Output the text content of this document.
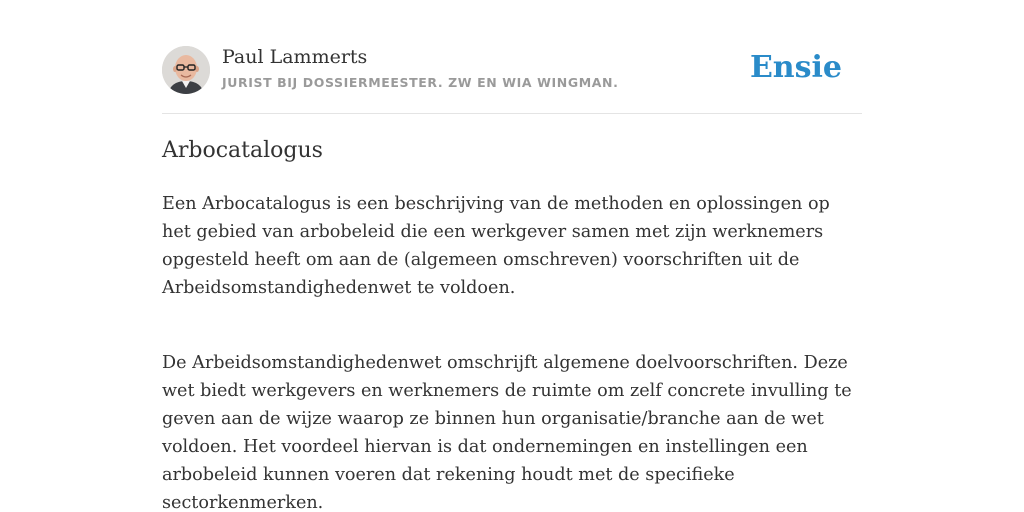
Paul Lammerts
JURIST BIJ DOSSIERMEESTER. ZW EN WIA WINGMAN.	Ensie
Arbocatalogus

Een Arbocatalogus is een beschrijving van de methoden en oplossingen op het gebied van arbobeleid die een werkgever samen met zijn werknemers opgesteld heeft om aan de (algemeen omschreven) voorschriften uit de Arbeidsomstandighedenwet te voldoen.

De Arbeidsomstandighedenwet omschrijft algemene doelvoorschriften. Deze wet biedt werkgevers en werknemers de ruimte om zelf concrete invulling te geven aan de wijze waarop ze binnen hun organisatie/branche aan de wet voldoen. Het voordeel hiervan is dat ondernemingen en instellingen een arbobeleid kunnen voeren dat rekening houdt met de specifieke sectorkenmerken.
